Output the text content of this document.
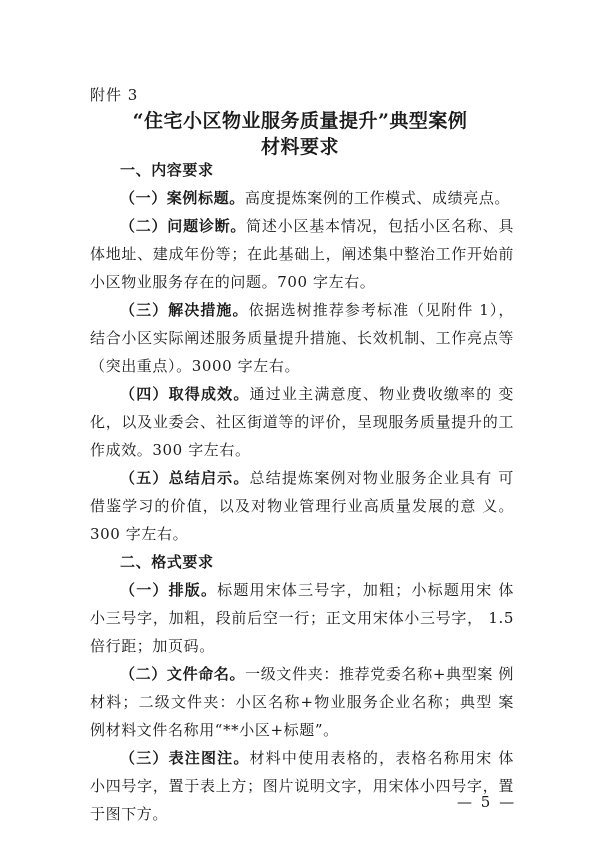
附件 3
“住宅小区物业服务质量提升”典型案例
材料要求

一、内容要求

（一）案例标题。高度提炼案例的工作模式、成绩亮点。

（二）问题诊断。简述小区基本情况，包括小区名称、具体地址、建成年份等；在此基础上，阐述集中整治工作开始前小区物业服务存在的问题。700 字左右。

（三）解决措施。依据选树推荐参考标准（见附件 1），结合小区实际阐述服务质量提升措施、长效机制、工作亮点等（突出重点）。3000 字左右。

（四）取得成效。通过业主满意度、物业费收缴率的 变化，以及业委会、社区街道等的评价，呈现服务质量提升的工作成效。300 字左右。

（五）总结启示。总结提炼案例对物业服务企业具有 可借鉴学习的价值，以及对物业管理行业高质量发展的意 义。300 字左右。

二、格式要求

（一）排版。标题用宋体三号字，加粗；小标题用宋 体小三号字，加粗，段前后空一行；正文用宋体小三号字， 1.5 倍行距；加页码。

（二）文件命名。一级文件夹：推荐党委名称+典型案 例材料；二级文件夹：小区名称+物业服务企业名称；典型 案例材料文件名称用“**小区+标题”。

（三）表注图注。材料中使用表格的，表格名称用宋 体小四号字，置于表上方；图片说明文字，用宋体小四号字，置于图下方。

— 5 —
